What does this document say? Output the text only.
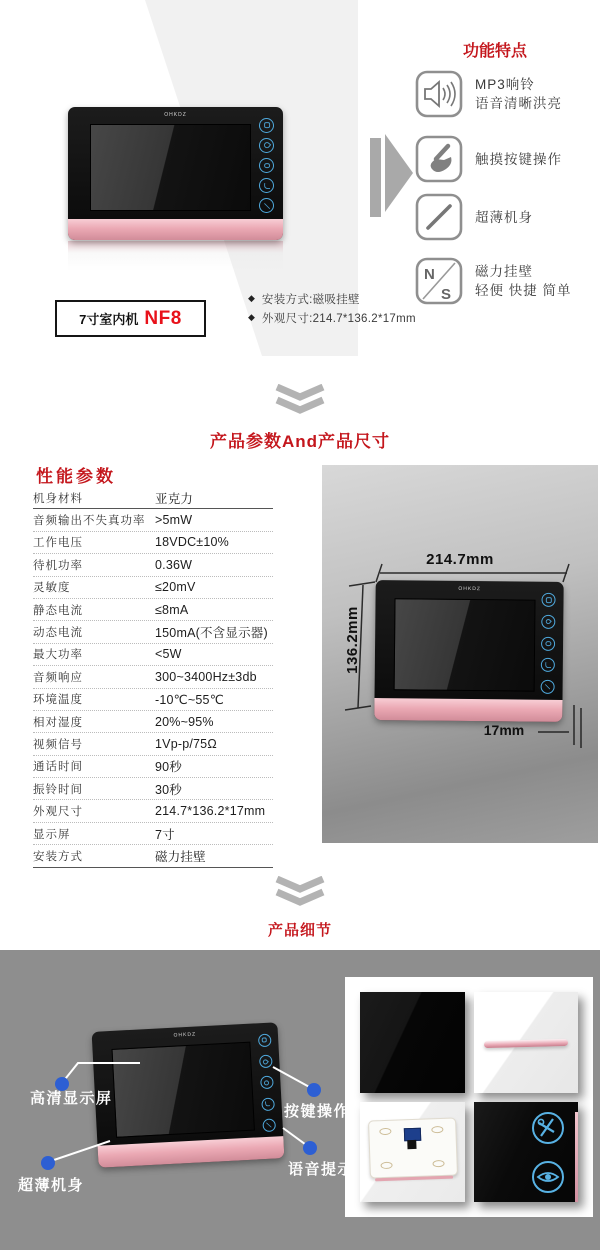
OHKDZ
功能特点
MP3响铃
语音清晰洪亮
触摸按键操作
超薄机身
N
S
磁力挂壁
轻便 快捷 简单
7寸室内机 NF8
◆ 安装方式:磁吸挂壁
◆ 外观尺寸:214.7*136.2*17mm
产品参数And产品尺寸
性能参数
机身材料	亚克力
音频输出不失真功率 >5mW
工作电压	18VDC±10%
待机功率	0.36W
灵敏度	≤20mV
静态电流	≤8mA
动态电流	150mA(不含显示器)
最大功率	<5W
音频响应	300~3400Hz±3db
环境温度	-10℃~55℃
相对湿度	20%~95%
视频信号	1Vp-p/75Ω
通话时间	90秒
振铃时间	30秒
外观尺寸	214.7*136.2*17mm
显示屏	7寸
安装方式	磁力挂壁
OHKDZ
214.7mm
136.2mm
17mm
产品细节
OHKDZ
高清显示屏
按键操作
超薄机身
语音提示
